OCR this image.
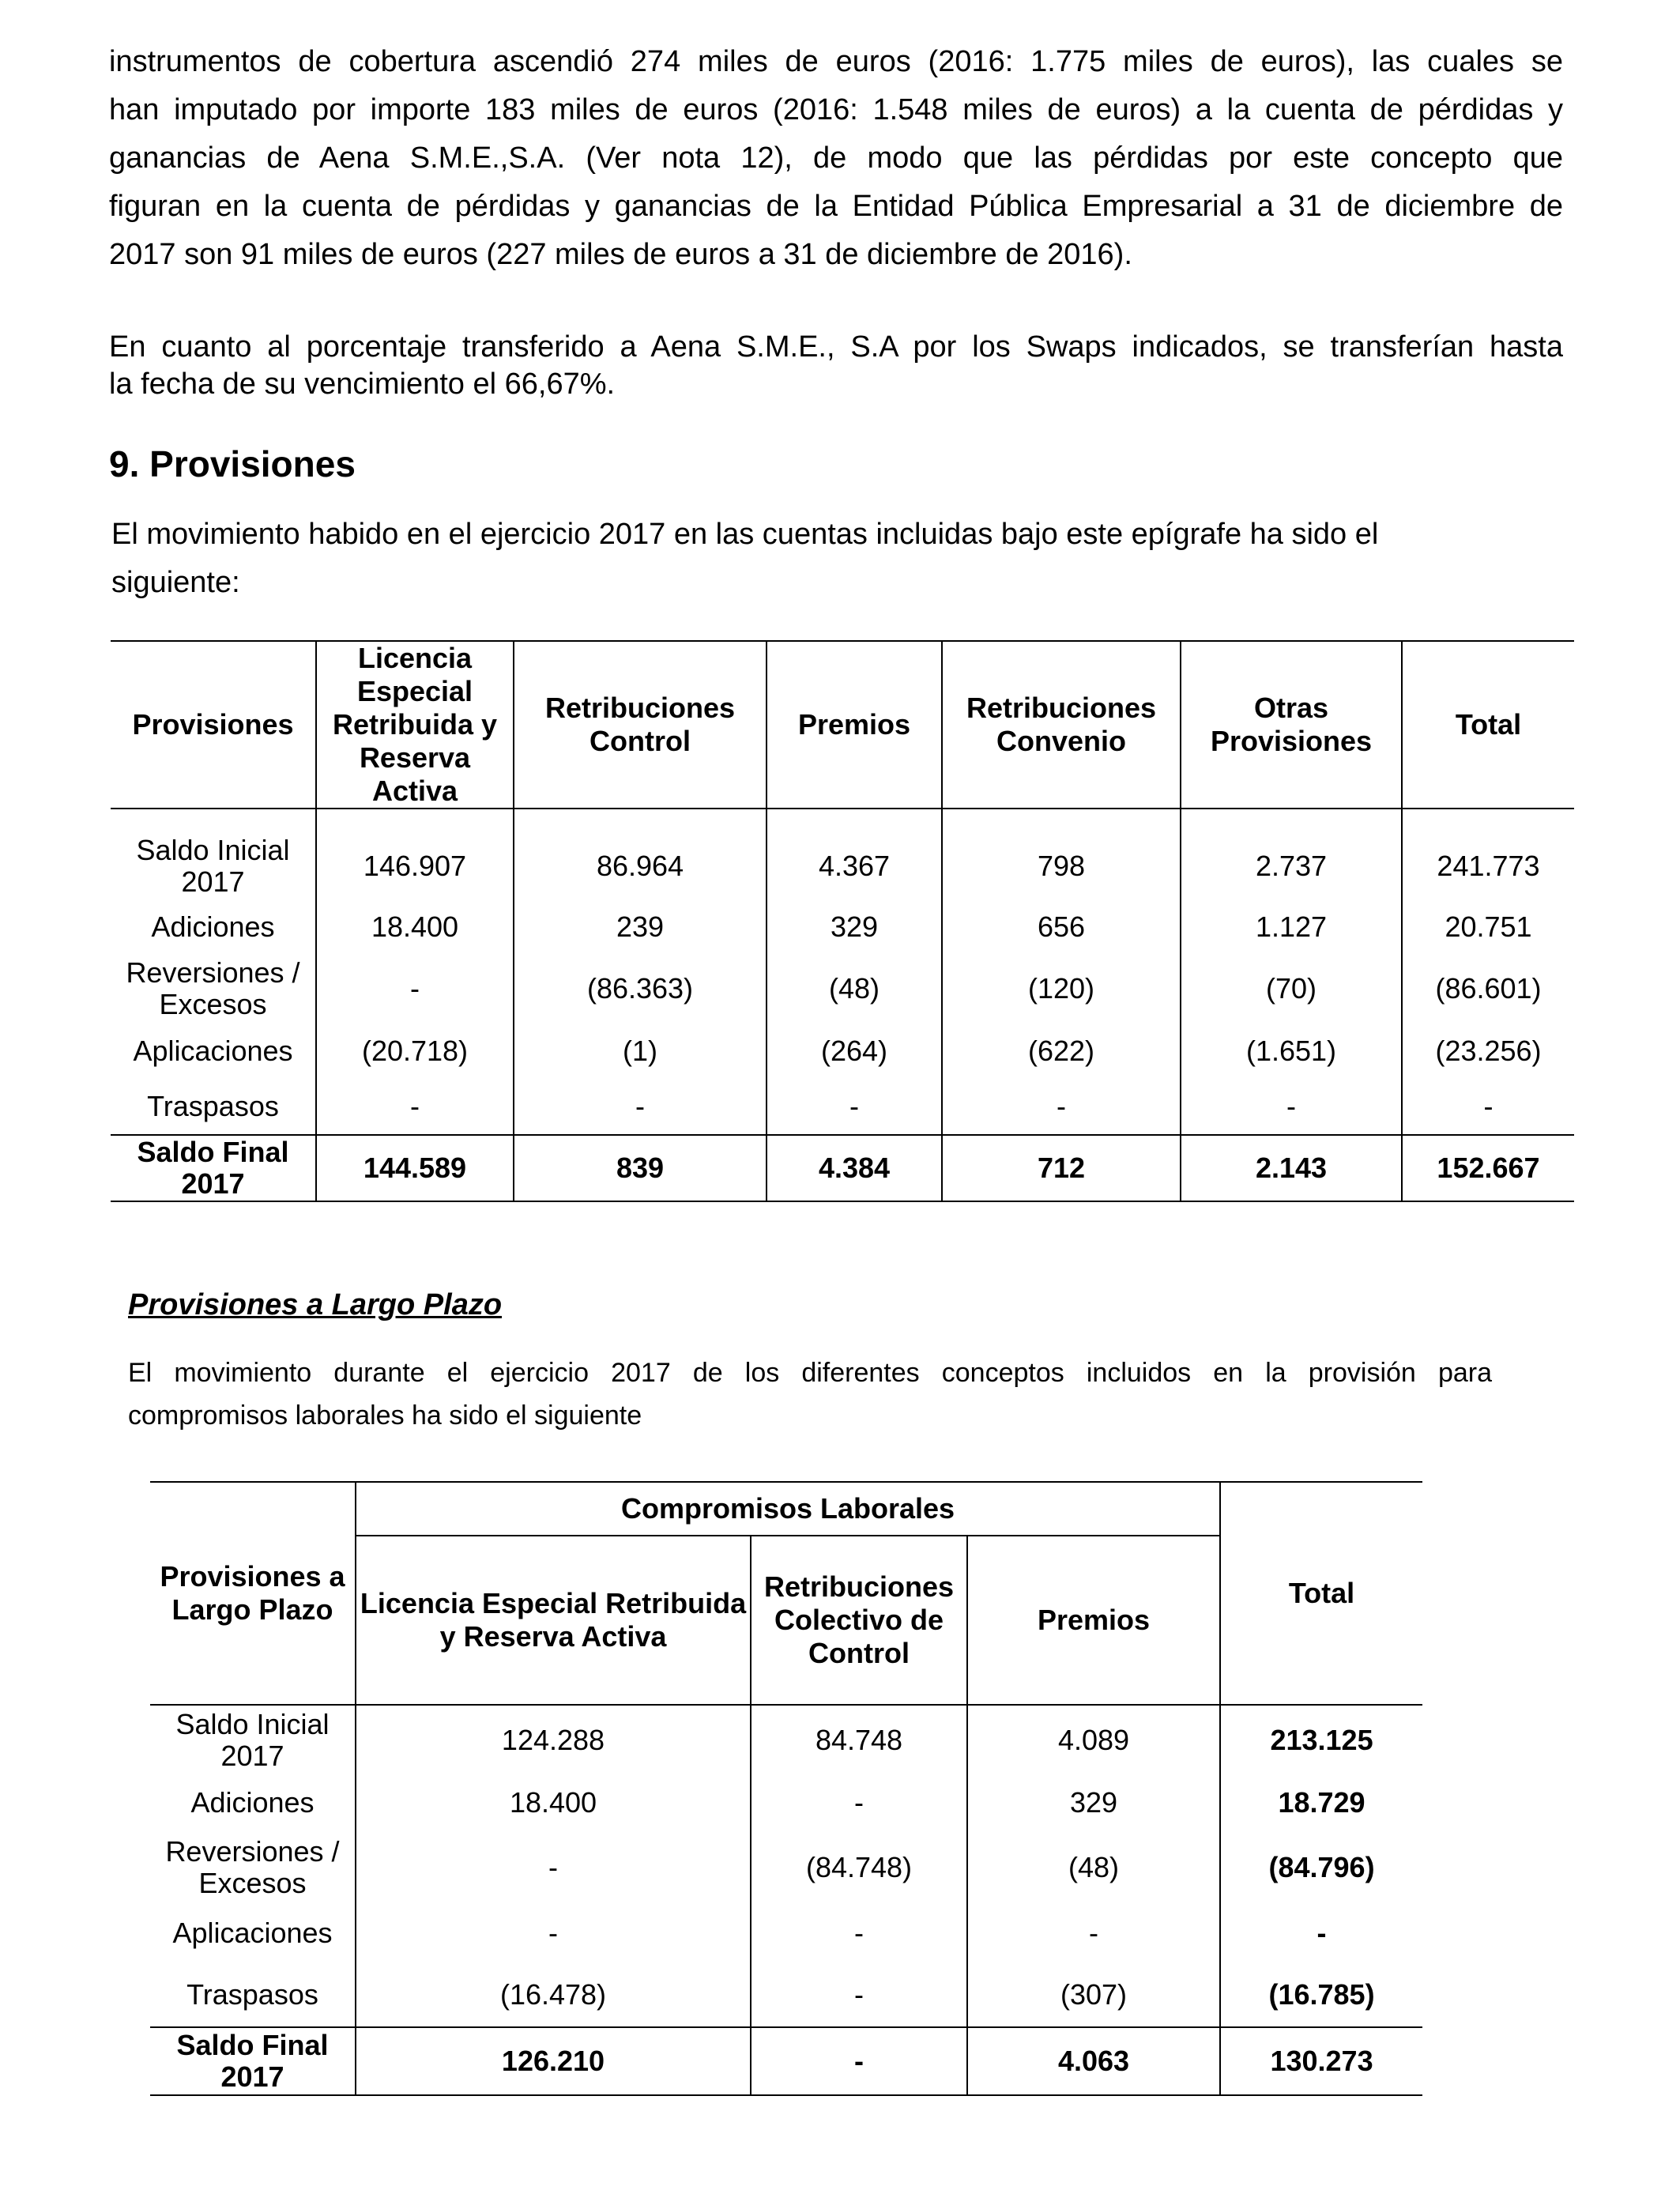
instrumentos de cobertura ascendió 274 miles de euros (2016: 1.775 miles de euros), las cuales se
han imputado por importe 183 miles de euros (2016: 1.548 miles de euros) a la cuenta de pérdidas y
ganancias de Aena S.M.E.,S.A. (Ver nota 12), de modo que las pérdidas por este concepto que
figuran en la cuenta de pérdidas y ganancias de la Entidad Pública Empresarial a 31 de diciembre de
2017 son 91 miles de euros (227 miles de euros a 31 de diciembre de 2016).
En cuanto al porcentaje transferido a Aena S.M.E., S.A por los Swaps indicados, se transferían hasta
la fecha de su vencimiento el 66,67%.
9. Provisiones

El movimiento habido en el ejercicio 2017 en las cuentas incluidas bajo este epígrafe ha sido el siguiente:

Provisiones	Licencia Especial Retribuida y Reserva Activa	Retribuciones Control	Premios	Retribuciones Convenio	Otras Provisiones	Total

Saldo Inicial 2017	146.907	86.964	4.367	798	2.737	241.773
Adiciones	18.400	239	329	656	1.127	20.751
Reversiones / Excesos	-	(86.363)	(48)	(120)	(70)	(86.601)
Aplicaciones	(20.718)	(1)	(264)	(622)	(1.651)	(23.256)
Traspasos	-	-	-	-	-	-
Saldo Final 2017	144.589	839	4.384	712	2.143	152.667

Provisiones a Largo Plazo

El movimiento durante el ejercicio 2017 de los diferentes conceptos incluidos en la provisión para
compromisos laborales ha sido el siguiente
Provisiones a Largo Plazo	Compromisos Laborales			Total
	Licencia Especial Retribuida y Reserva Activa	Retribuciones Colectivo de Control	Premios	
Saldo Inicial 2017	124.288	84.748	4.089	213.125
Adiciones	18.400	-	329	18.729
Reversiones / Excesos	-	(84.748)	(48)	(84.796)
Aplicaciones	-	-	-	-
Traspasos	(16.478)	-	(307)	(16.785)
Saldo Final 2017	126.210	-	4.063	130.273
